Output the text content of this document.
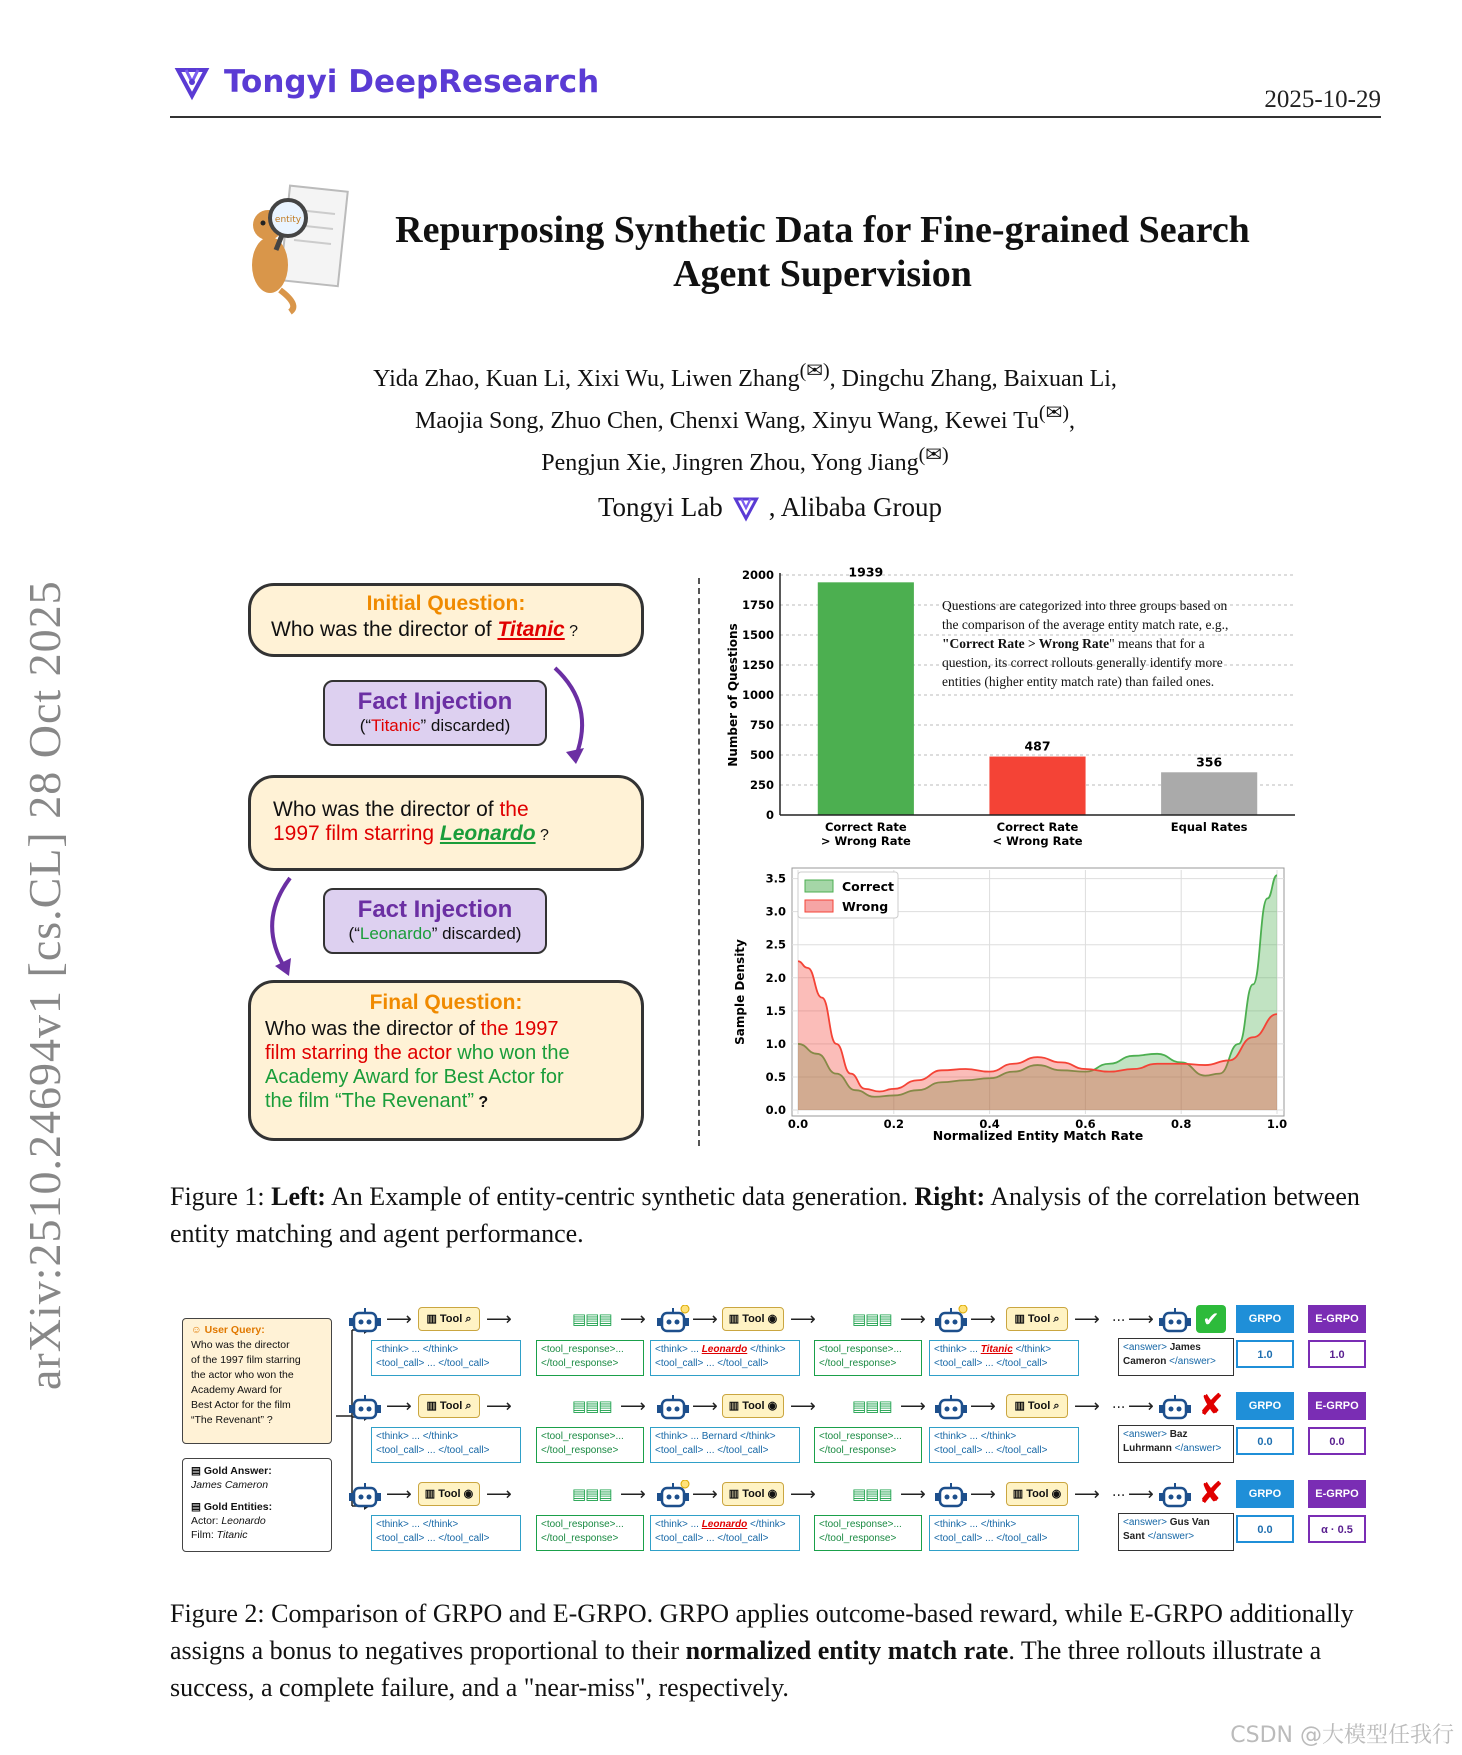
Tongyi DeepResearch	2025-10-29
arXiv:2510.24694v1 [cs.CL] 28 Oct 2025
entity	Repurposing Synthetic Data for Fine-grained Search
Agent Supervision
Yida Zhao, Kuan Li, Xixi Wu, Liwen Zhang(✉), Dingchu Zhang, Baixuan Li,
Maojia Song, Zhuo Chen, Chenxi Wang, Xinyu Wang, Kewei Tu(✉),
Pengjun Xie, Jingren Zhou, Yong Jiang(✉)
Tongyi Lab , Alibaba Group
Initial Question:
Who was the director of Titanic ?
Fact Injection
(“Titanic” discarded)
Who was the director of the
1997 film starring Leonardo ?
Fact Injection
(“Leonardo” discarded)
Final Question:
Who was the director of the 1997
film starring the actor who won the
Academy Award for Best Actor for
the film “The Revenant” ?
0
250
500
750
1000
1250
1500
1750
2000	1939
487
356
Correct Rate
> Wrong Rate
Correct Rate
< Wrong Rate
Equal Rates
Number of Questions
Questions are categorized into three groups based on
the comparison of the average entity match rate, e.g.,
"Correct Rate > Wrong Rate" means that for a
question, its correct rollouts generally identify more
entities (higher entity match rate) than failed ones.
0.0	0.2	0.4	0.6	0.8	1.0
0.0
0.5
1.0
1.5
2.0
2.5
3.0
3.5
Normalized Entity Match Rate
Sample Density
Correct
Wrong
Figure 1: Left: An Example of entity-centric synthetic data generation. Right: Analysis of the correlation between entity matching and agent performance.
☺ User Query:
Who was the director
of the 1997 film starring
the actor who won the
Academy Award for
Best Actor for the film
“The Revenant” ?
▤ Gold Answer:
James Cameron
▤ Gold Entities:
Actor: Leonardo
Film: Titanic
⟶	▥ Tool ⌕ ⟶	▤▤▤ ⟶	⟶ ▥ Tool ◉ ⟶ ▤▤▤ ⟶ ⟶	▥ Tool ⌕ ⟶ ... ⟶	✔	GRPO	E-GRPO
<think> ... </think>
<tool_call> ... </tool_call>
<tool_response>...
</tool_response>
<think> ... Leonardo </think>
<tool_call> ... </tool_call>
<tool_response>...
</tool_response>
<think> ... Titanic </think>
<tool_call> ... </tool_call>
<answer> James Cameron </answer>
1.0	1.0
⟶	▥ Tool ⌕ ⟶	▤▤▤ ⟶	⟶ ▥ Tool ◉ ⟶ ▤▤▤ ⟶ ⟶	▥ Tool ⌕ ⟶ ... ⟶ ✘	GRPO	E-GRPO
<think> ... </think>
<tool_call> ... </tool_call>
<tool_response>...
</tool_response>
<think> ... Bernard </think>
<tool_call> ... </tool_call>
<tool_response>...
</tool_response>
<think> ... </think>
<tool_call> ... </tool_call>
<answer> Baz Luhrmann </answer>
0.0	0.0
⟶	▥ Tool ◉ ⟶	▤▤▤ ⟶	⟶ ▥ Tool ◉ ⟶ ▤▤▤ ⟶ ⟶	▥ Tool ◉ ⟶ ... ⟶ ✘	GRPO	E-GRPO
<think> ... </think>
<tool_call> ... </tool_call>
<tool_response>...
</tool_response>
<think> ... Leonardo </think>
<tool_call> ... </tool_call>
<tool_response>...
</tool_response>
<think> ... </think>
<tool_call> ... </tool_call>
<answer> Gus Van Sant </answer>
0.0	α · 0.5
Figure 2: Comparison of GRPO and E-GRPO. GRPO applies outcome-based reward, while E-GRPO additionally assigns a bonus to negatives proportional to their normalized entity match rate. The three rollouts illustrate a success, a complete failure, and a "near-miss", respectively.
CSDN @大模型任我行
